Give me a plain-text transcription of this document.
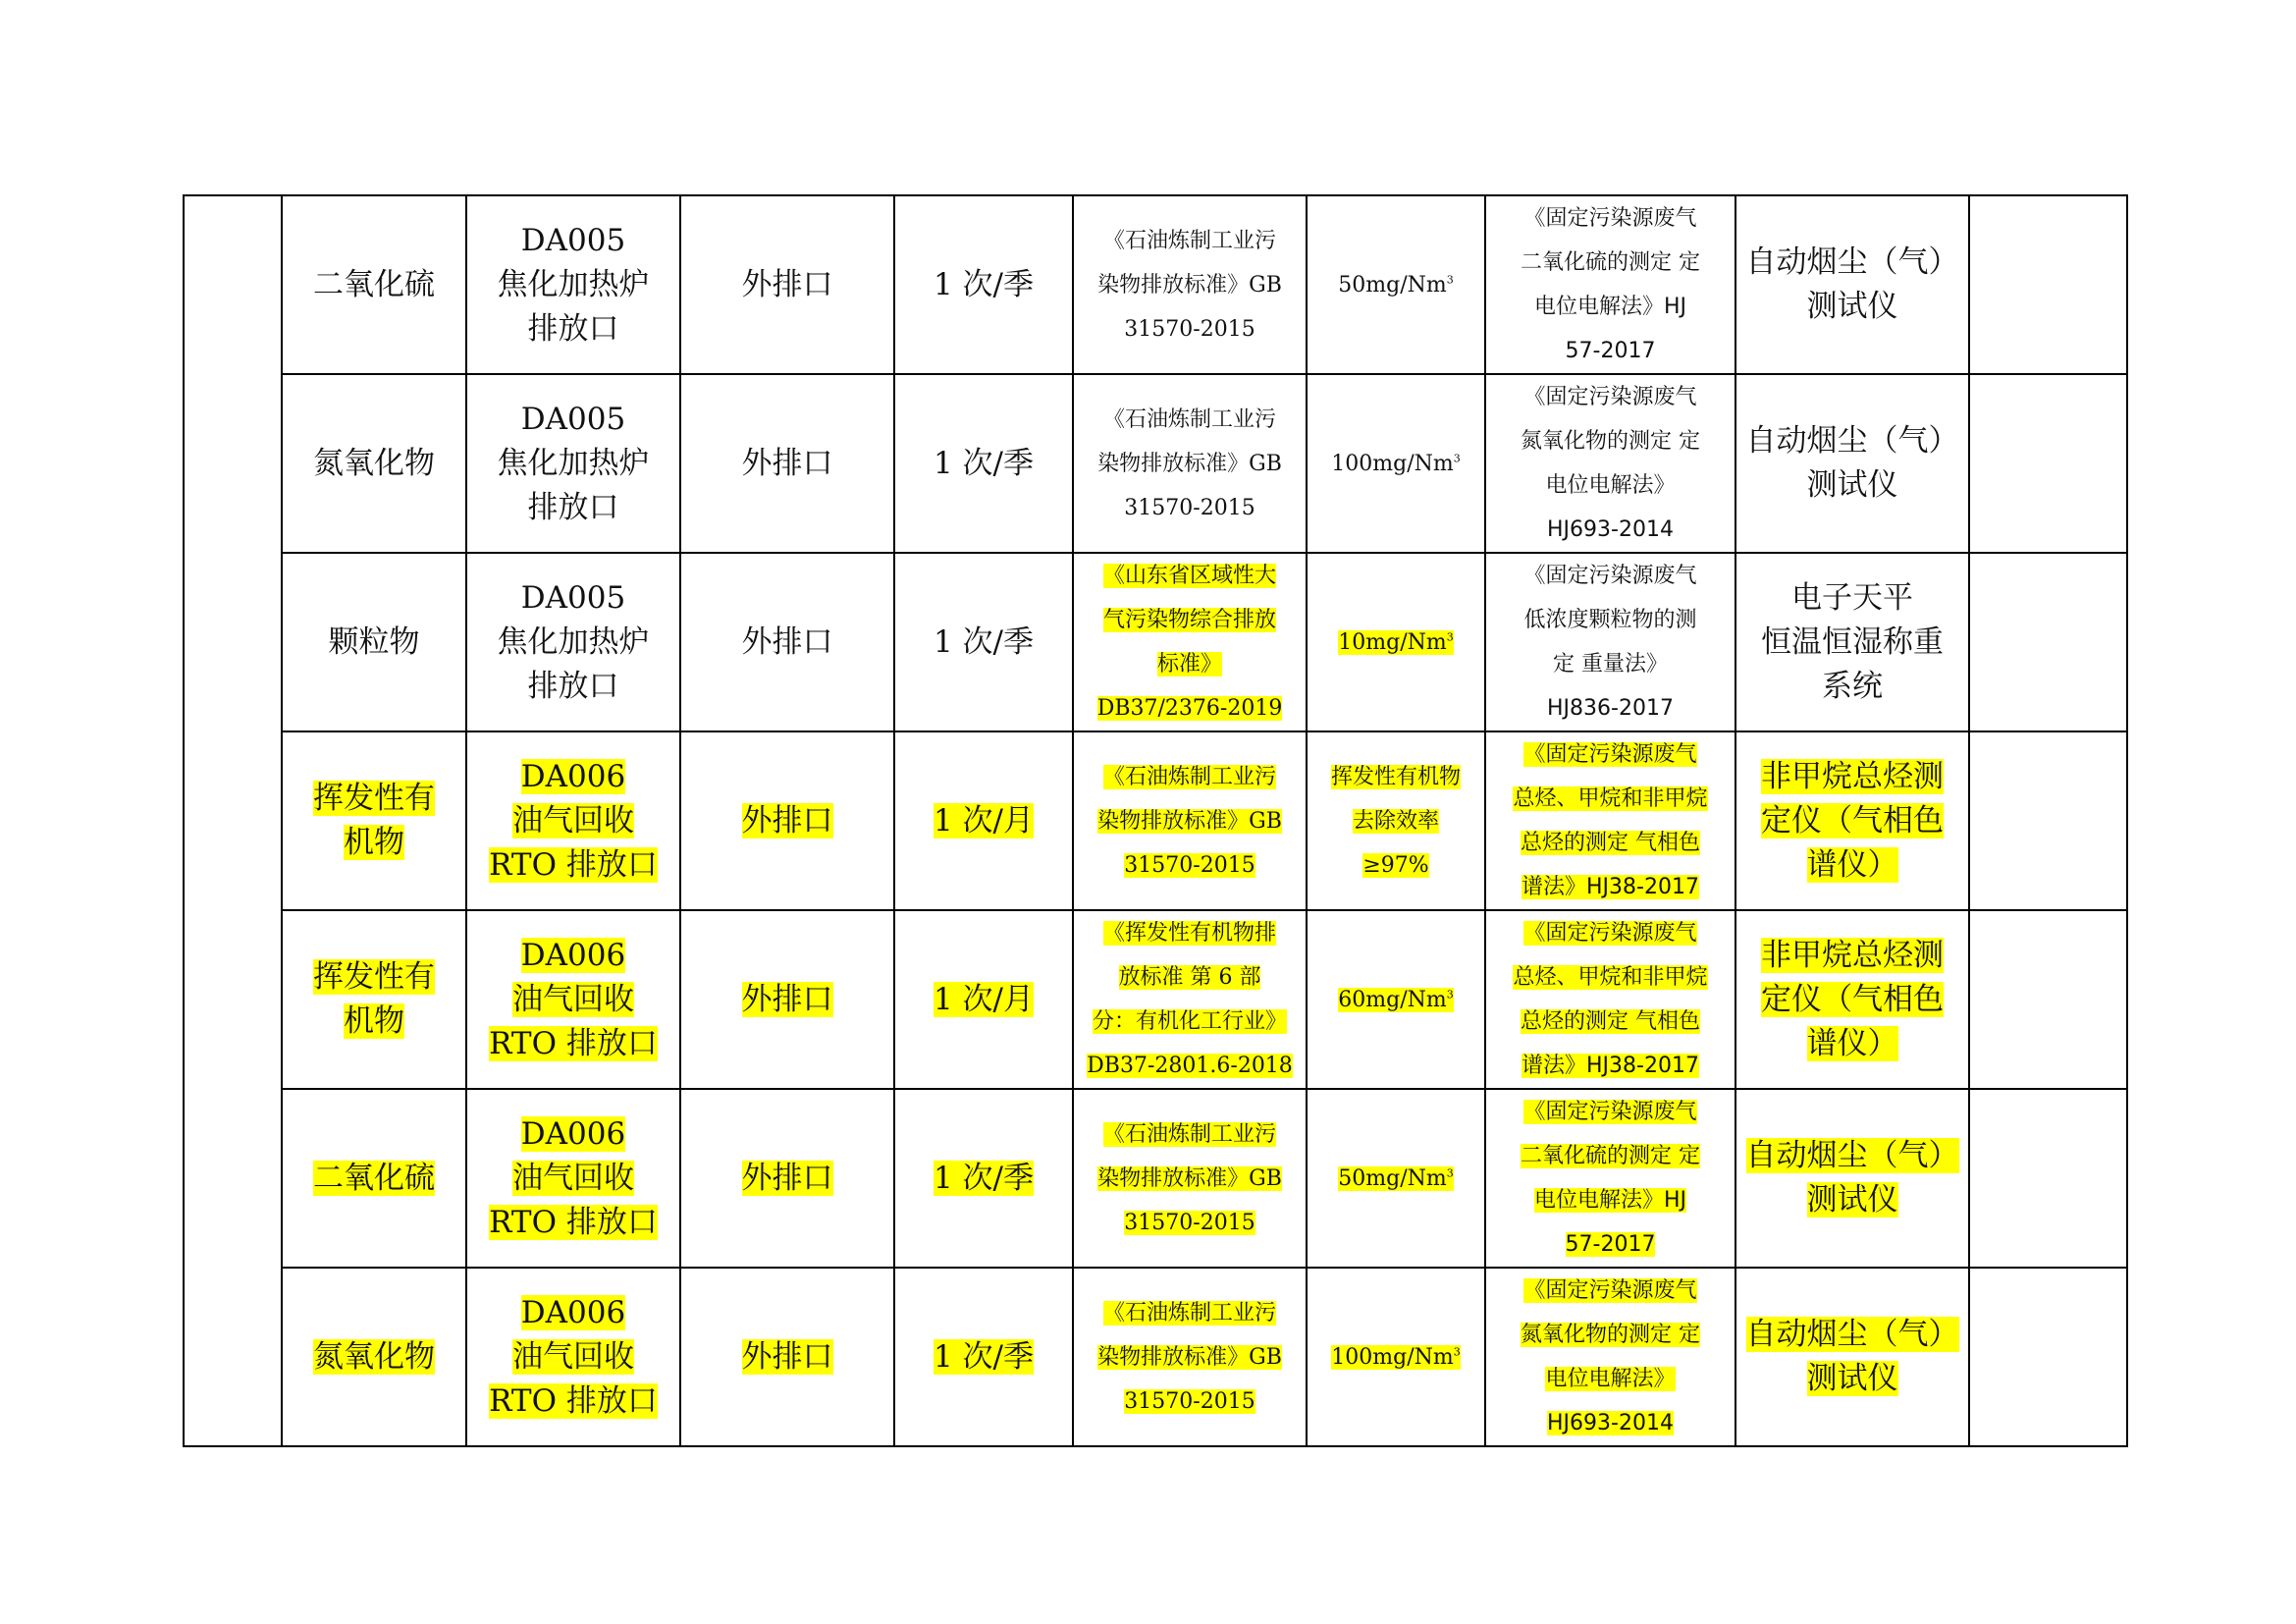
	二氧化硫	DA005
焦化加热炉
排放口	外排口	1 次/季	《石油炼制工业污
染物排放标准》GB
31570-2015	50mg/Nm$^3$	《固定污染源废气
二氧化硫的测定 定
电位电解法》HJ
57-2017	自动烟尘（气）
测试仪	
	氮氧化物	DA005
焦化加热炉
排放口	外排口	1 次/季	《石油炼制工业污
染物排放标准》GB
31570-2015	100mg/Nm$^3$	《固定污染源废气
氮氧化物的测定 定
电位电解法》
HJ693-2014	自动烟尘（气）
测试仪	
	颗粒物	DA005
焦化加热炉
排放口	外排口	1 次/季	《山东省区域性大
气污染物综合排放
标准》
DB37/2376-2019	10mg/Nm$^3$	《固定污染源废气
低浓度颗粒物的测
定 重量法》
HJ836-2017	电子天平
恒温恒湿称重
系统	
	挥发性有
机物	DA006
油气回收
RTO 排放口	外排口	1 次/月	《石油炼制工业污
染物排放标准》GB
31570-2015	挥发性有机物
去除效率
≥97%	《固定污染源废气
总烃、甲烷和非甲烷
总烃的测定 气相色
谱法》HJ38-2017	非甲烷总烃测
定仪（气相色
谱仪）	
	挥发性有
机物	DA006
油气回收
RTO 排放口	外排口	1 次/月	《挥发性有机物排
放标准 第 6 部
分：有机化工行业》
DB37-2801.6-2018	60mg/Nm$^3$	《固定污染源废气
总烃、甲烷和非甲烷
总烃的测定 气相色
谱法》HJ38-2017	非甲烷总烃测
定仪（气相色
谱仪）	
	二氧化硫	DA006
油气回收
RTO 排放口	外排口	1 次/季	《石油炼制工业污
染物排放标准》GB
31570-2015	50mg/Nm$^3$	《固定污染源废气
二氧化硫的测定 定
电位电解法》HJ
57-2017	自动烟尘（气）
测试仪	
	氮氧化物	DA006
油气回收
RTO 排放口	外排口	1 次/季	《石油炼制工业污
染物排放标准》GB
31570-2015	100mg/Nm$^3$	《固定污染源废气
氮氧化物的测定 定
电位电解法》
HJ693-2014	自动烟尘（气）
测试仪	
